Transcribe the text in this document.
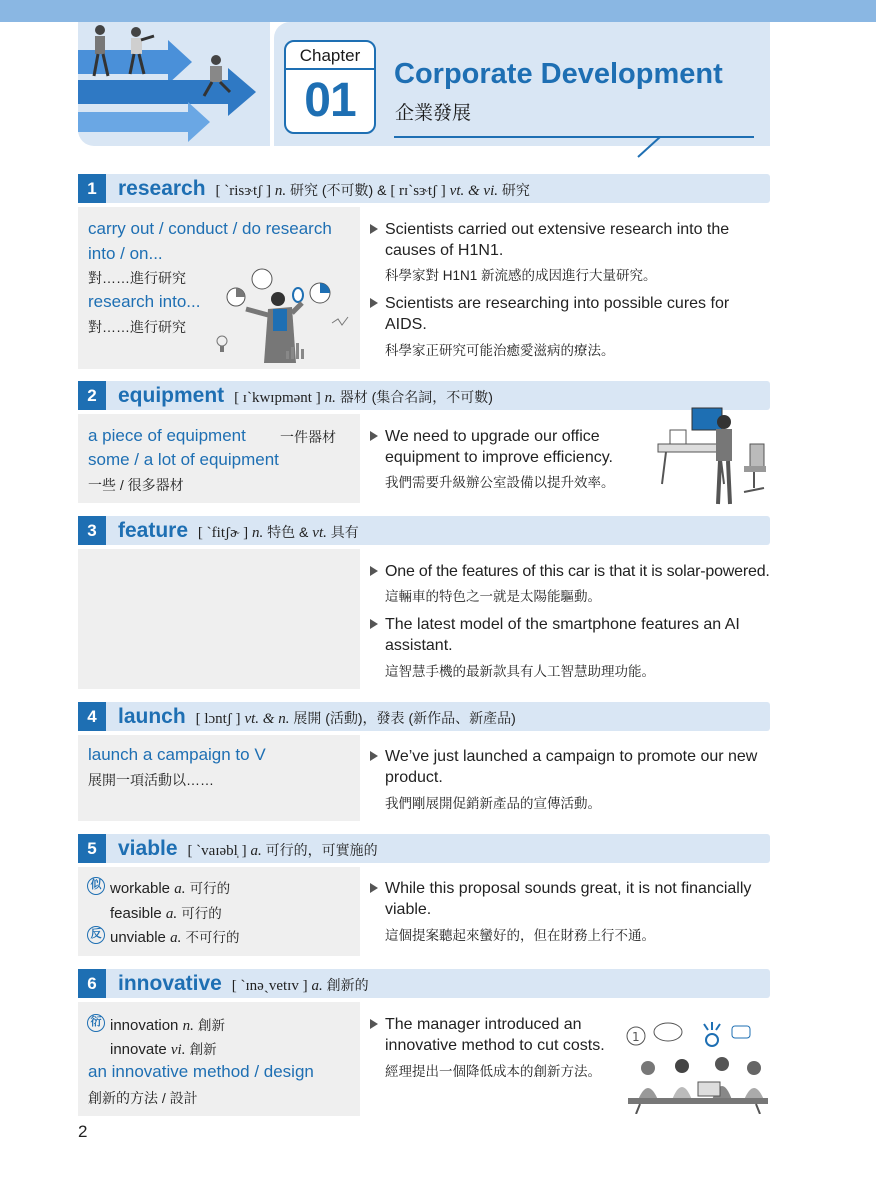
Chapter
01	Corporate Development
企業發展
1	research [ ˋrisɝtʃ ] n. 研究 (不可數) & [ rɪˋsɝtʃ ] vt. & vi. 研究
carry out / conduct / do research
into / on...
對……進行研究
research into...
對……進行研究
Scientists carried out extensive research into the
causes of H1N1.
科學家對 H1N1 新流感的成因進行大量研究。
Scientists are researching into possible cures for
AIDS.
科學家正研究可能治癒愛滋病的療法。
2	equipment [ ɪˋkwɪpmənt ] n. 器材 (集合名詞，不可數)
a piece of equipment 一件器材
some / a lot of equipment
一些 / 很多器材
We need to upgrade our office
equipment to improve efficiency.
我們需要升級辦公室設備以提升效率。
3	feature [ ˋfitʃɚ ] n. 特色 & vt. 具有
One of the features of this car is that it is solar-powered.
這輛車的特色之一就是太陽能驅動。
The latest model of the smartphone features an AI
assistant.
這智慧手機的最新款具有人工智慧助理功能。
4	launch [ lɔntʃ ] vt. & n. 展開 (活動)，發表 (新作品、新產品)
launch a campaign to V
展開一項活動以……
We’ve just launched a campaign to promote our new
product.
我們剛展開促銷新產品的宣傳活動。
5	viable [ ˋvaɪəbl̩ ] a. 可行的，可實施的
似 workable a. 可行的
feasible a. 可行的
反 unviable a. 不可行的
While this proposal sounds great, it is not financially
viable.
這個提案聽起來蠻好的，但在財務上行不通。
6	innovative [ ˋɪnəˏvetɪv ] a. 創新的
衍 innovation n. 創新
innovate vi. 創新
an innovative method / design
創新的方法 / 設計
The manager introduced an
innovative method to cut costs.
經理提出一個降低成本的創新方法。
1
2
